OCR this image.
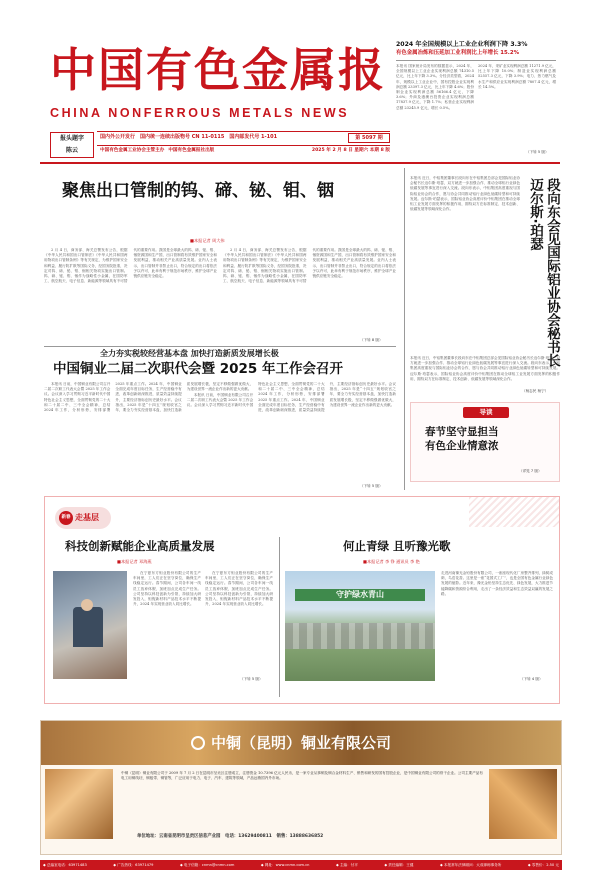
中国有色金属报
CHINA NONFERROUS METALS NEWS
报头题字
陈云
国内外公开发行 国内统一连续出版物号 CN 11-0115 国内邮发代号 1-101	第 5097 期
中国有色金属工业协会主管主办 中国有色金属报社出版	2025 年 2 月 8 日 星期六 本期 8 版
2024 年全国规模以上工业企业利润下降 3.3%
有色金属冶炼和压延加工业利润比上年增长 15.2%
本报讯 国家统计局发布的数据显示，2024 年，全国规模以上工业企业实现利润总额 74310.5 亿元，比上年下降 3.3%。分经济类型看，2024 年，规模以上工业企业中，国有控股企业实现利润总额 23397.3 亿元，比上年下降 4.6%；股份制企业实现利润总额 56166.4 亿元，下降 3.6%；外商及港澳台投资企业实现利润总额 17837.9 亿元，下降 1.7%；私营企业实现利润总额 23245.9 亿元，增长 0.5%。
2024 年，采矿业实现利润总额 11271.9 亿元，比上年下降 10.0%；制造业实现利润总额 52557.3 亿元，下降 3.9%；电力、热力燃气及水生产和供应业实现利润总额 7807.4 亿元，增长 14.5%。
（下转 5 版）
聚焦出口管制的钨、碲、铋、钼、铟
■本报记者 周大伟

2 月 4 日，商务部、海关总署发布公告，根据《中华人民共和国出口管制法》《中华人民共和国两用物项出口管制条例》等有关规定，为维护国家安全和利益、履行防扩散等国际义务，经国务院批准，决定对钨、碲、铋、钼、铟相关物项实施出口管制。钨、碲、铋、钼、铟作为战略性小金属，在国防军工、航空航天、电子信息、新能源等领域具有不可替代的重要作用。我国是全球最大的钨、碲、铋、钼、铟资源国和生产国，出口管制将有效维护国家安全和发展利益，推动相关产业高质量发展。业内人士表示，出口管制并非禁止出口，符合规定的出口将依法予以许可，此举有利于规范市场秩序，维护全球产业链供应链安全稳定。

2 月 4 日，商务部、海关总署发布公告，根据《中华人民共和国出口管制法》《中华人民共和国两用物项出口管制条例》等有关规定，为维护国家安全和利益、履行防扩散等国际义务，经国务院批准，决定对钨、碲、铋、钼、铟相关物项实施出口管制。钨、碲、铋、钼、铟作为战略性小金属，在国防军工、航空航天、电子信息、新能源等领域具有不可替代的重要作用。我国是全球最大的钨、碲、铋、钼、铟资源国和生产国，出口管制将有效维护国家安全和发展利益，推动相关产业高质量发展。业内人士表示，出口管制并非禁止出口，符合规定的出口将依法予以许可，此举有利于规范市场秩序，维护全球产业链供应链安全稳定。

（下转 8 版）
全力夯实税较经营基本盘 加快打造新质发展增长极
中国铜业二届二次职代会暨 2025 年工作会召开

本报讯 日前，中国铜业有限公司召开二届二次职工代表大会暨 2025 年工作会议。会议深入学习贯彻习近平新时代中国特色社会主义思想，全面贯彻党的二十大和二十届二中、三中全会精神，总结 2024 年工作，分析形势，安排部署 2025 年重点工作。2024 年，中国铜业全面完成年度目标任务，生产经营稳中有进，改革创新纵深推进，质量效益持续提升，主要经济指标创历史最好水平。会议指出，2025 年是“十四五”规划收官之年，要全力夯实经营基本盘，加快打造新质发展增长极，坚定不移做强做优做大，为建设世界一流企业作出新的更大贡献。

本报讯 日前，中国铜业有限公司召开二届二次职工代表大会暨 2025 年工作会议。会议深入学习贯彻习近平新时代中国特色社会主义思想，全面贯彻党的二十大和二十届二中、三中全会精神，总结 2024 年工作，分析形势，安排部署 2025 年重点工作。2024 年，中国铜业全面完成年度目标任务，生产经营稳中有进，改革创新纵深推进，质量效益持续提升，主要经济指标创历史最好水平。会议指出，2025 年是“十四五”规划收官之年，要全力夯实经营基本盘，加快打造新质发展增长极，坚定不移做强做优做大，为建设世界一流企业作出新的更大贡献。

（下转 5 版）
本报讯 近日，中铝集团董事长段向东在中铝集团总部会见国际铝业协会秘书长迈尔斯·珀瑟，双方就进一步加强合作、推动全球铝行业绿色低碳发展等事宜进行深入交流。段向东表示，中铝集团高度重视与国际铝业协会的合作，愿与协会共同推动铝行业绿色低碳转型和可持续发展。迈尔斯·珀瑟表示，国际铝业协会高度评价中铝集团在推动全球铝工业发展方面发挥的积极作用，期待双方在标准制定、技术创新、低碳发展等领域深化合作。	段向东会见国际铝业协会秘书长迈尔斯·珀瑟
本报讯 近日，中铝集团董事长段向东在中铝集团总部会见国际铝业协会秘书长迈尔斯·珀瑟，双方就进一步加强合作、推动全球铝行业绿色低碳发展等事宜进行深入交流。段向东表示，中铝集团高度重视与国际铝业协会的合作，愿与协会共同推动铝行业绿色低碳转型和可持续发展。迈尔斯·珀瑟表示，国际铝业协会高度评价中铝集团在推动全球铝工业发展方面发挥的积极作用，期待双方在标准制定、技术创新、低碳发展等领域深化合作。
（杨志民 杨宁）
导读
春节坚守显担当
有色企业情意浓
（详见 7 版）
新春 走基层
科技创新赋能企业高质量发展
■本报记者 邓海燕

在宁夏东方钽业股份有限公司的生产车间里，工人们正在坚守岗位，确保生产线稳定运行。春节期间，公司各车间一线员工放弃休假，加班加点完成生产任务。公司坚持以科技创新为引领，持续加大研发投入，钽铌新材料产品技术水平不断提升，2024 年实现营业收入同比增长。

在宁夏东方钽业股份有限公司的生产车间里，工人们正在坚守岗位，确保生产线稳定运行。春节期间，公司各车间一线员工放弃休假，加班加点完成生产任务。公司坚持以科技创新为引领，持续加大研发投入，钽铌新材料产品技术水平不断提升，2024 年实现营业收入同比增长。

（下转 5 版）
何止青绿 且听豫光歌
■本报记者 李 铮 通讯员 李 艳
守护绿水青山
走进河南豫光金铅股份有限公司，一座座现代化厂房整齐排列，绿树成荫，鸟语花香。这里是一座“花园式工厂”，也是全国有色金属行业绿色发展的缩影。近年来，豫光金铅坚持生态优先、绿色发展，大力推进节能降碳和资源综合利用，走出了一条经济效益和生态效益双赢的发展之路。
（下转 4 版）
中铜（昆明）铜业有限公司
中铜（昆明）铜业有限公司于 2009 年 7 月 2 日在昆明市呈贡区注册成立，注册资金 10.7396 亿元人民币，是一家专业从事铜及铜合金材料生产、销售和研发的国有控股企业，是中国铜业有限公司的骨干企业。公司主要产品有电工用铜线坯、铜板带、铜管等，广泛应用于电力、电子、汽车、建筑等领域，产品远销国内外市场。
单位地址：云南省昆明市呈贡区信息产业园 电话：13629400811 销售：13888636852
◆ 总编室电话：63971483	◆ 广告热线：63971479	◆ 电子信箱：cnmn@cnmn.com	◆ 网址：www.cnmn.com.cn	◆ 主编：付平	◆ 责任编辑：王健	◆ 本报常年法律顾问：大成律师事务所	◆ 零售价：2.50 元
